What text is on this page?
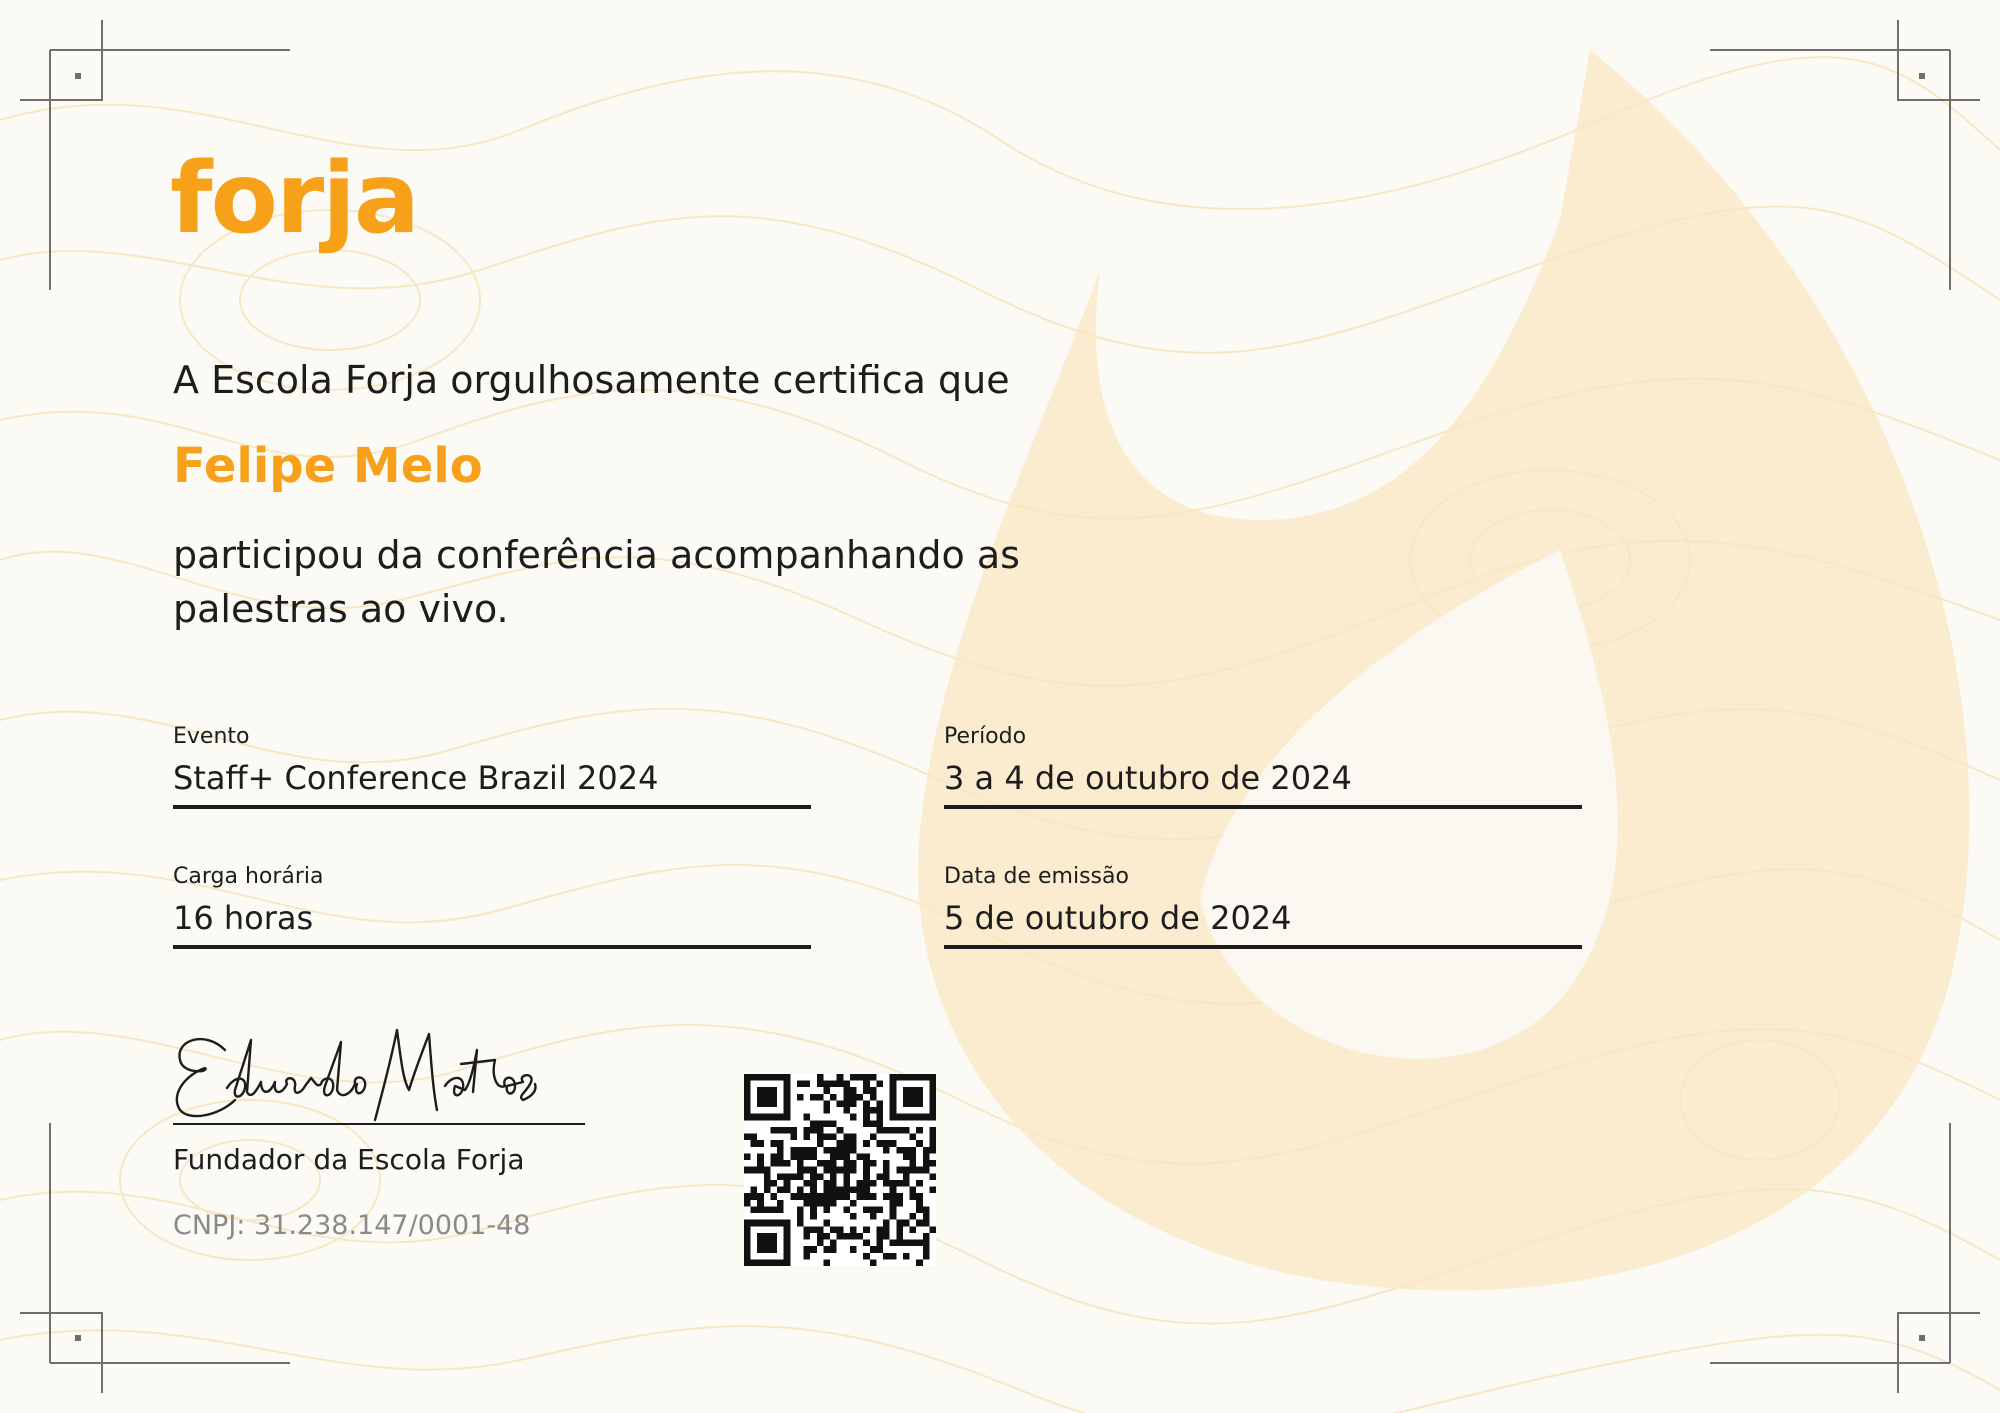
forja
A Escola Forja orgulhosamente certifica que
Felipe Melo
participou da conferência acompanhando as palestras ao vivo.
Evento
Staff+ Conference Brazil 2024
Período
3 a 4 de outubro de 2024
Carga horária
16 horas
Data de emissão
5 de outubro de 2024
Fundador da Escola Forja
CNPJ: 31.238.147/0001-48
